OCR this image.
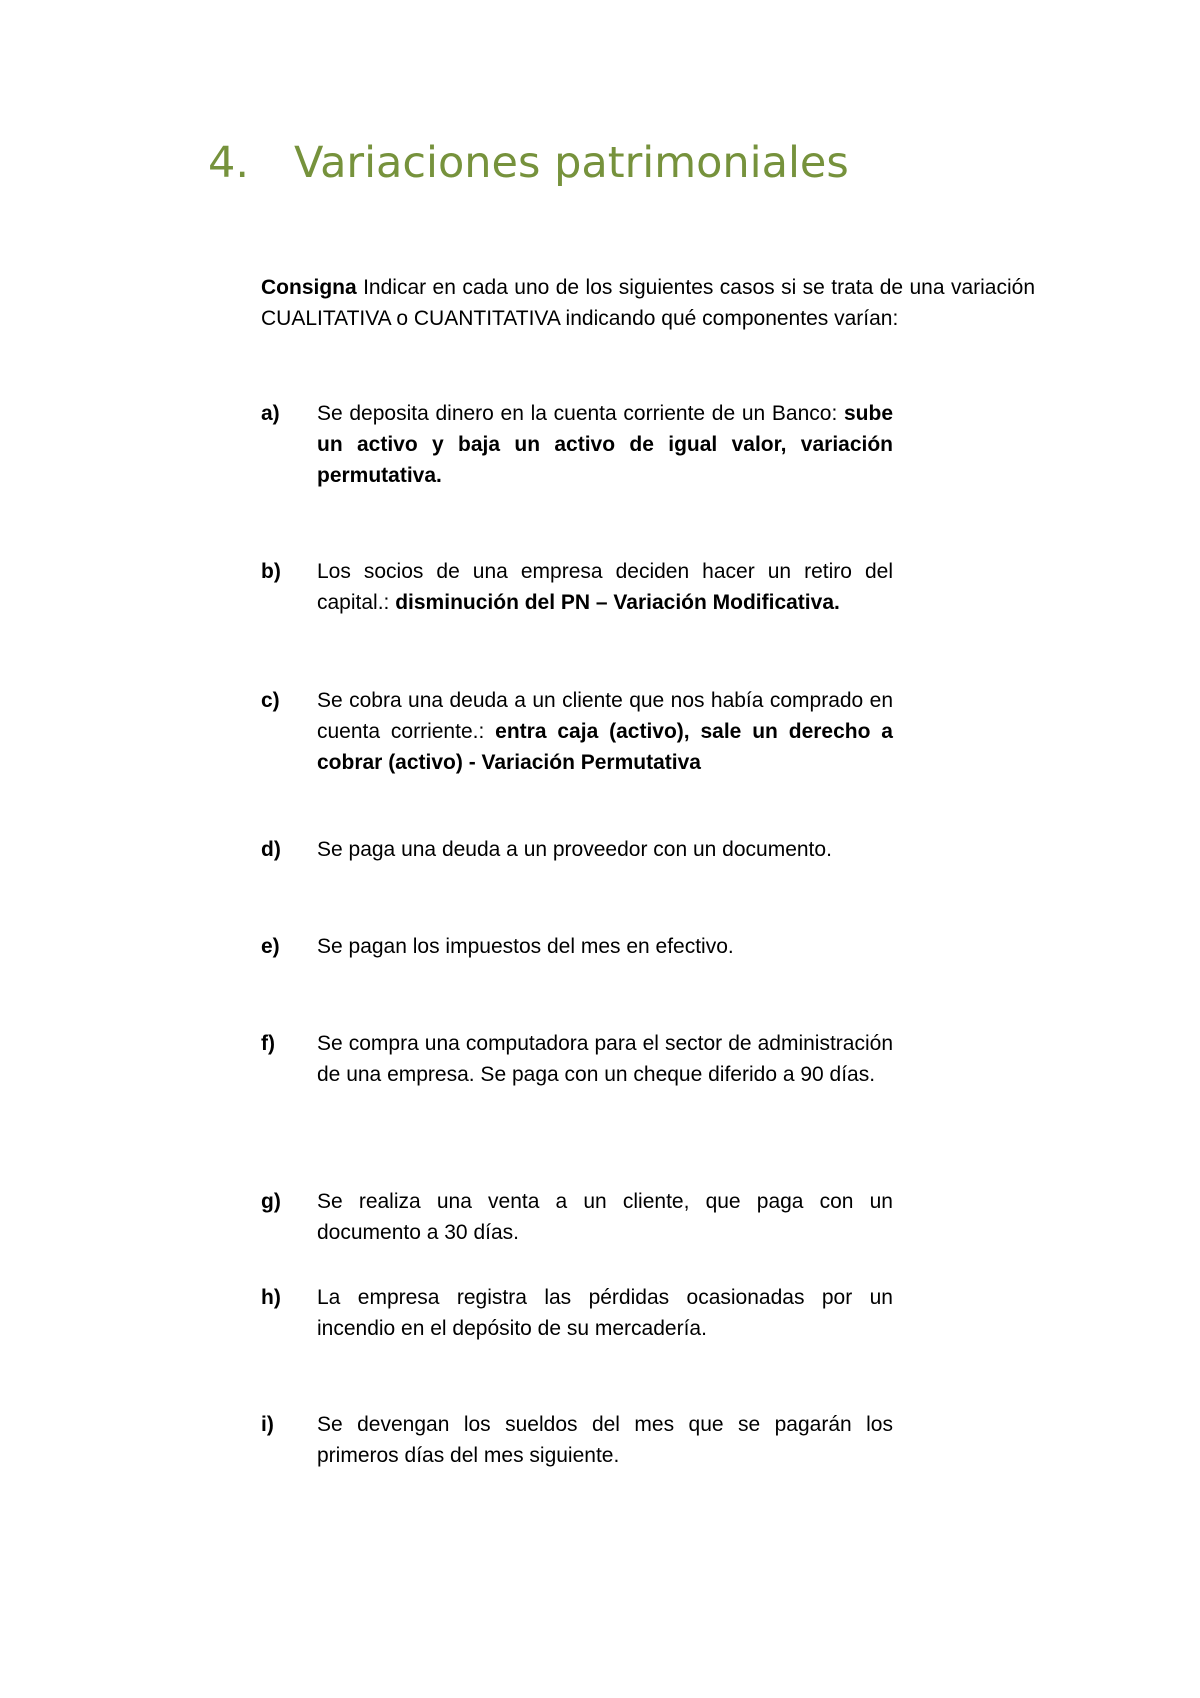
4. Variaciones patrimoniales

Consigna Indicar en cada uno de los siguientes casos si se trata de una variación CUALITATIVA o CUANTITATIVA indicando qué componentes varían:

a) Se deposita dinero en la cuenta corriente de un Banco: sube un activo y baja un activo de igual valor, variación permutativa.
b) Los socios de una empresa deciden hacer un retiro del capital.: disminución del PN – Variación Modificativa.
c) Se cobra una deuda a un cliente que nos había comprado en cuenta corriente.: entra caja (activo), sale un derecho a cobrar (activo) - Variación Permutativa
d) Se paga una deuda a un proveedor con un documento.
e) Se pagan los impuestos del mes en efectivo.
f) Se compra una computadora para el sector de administración de una empresa. Se paga con un cheque diferido a 90 días.
g) Se realiza una venta a un cliente, que paga con un documento a 30 días.
h) La empresa registra las pérdidas ocasionadas por un incendio en el depósito de su mercadería.
i) Se devengan los sueldos del mes que se pagarán los primeros días del mes siguiente.
